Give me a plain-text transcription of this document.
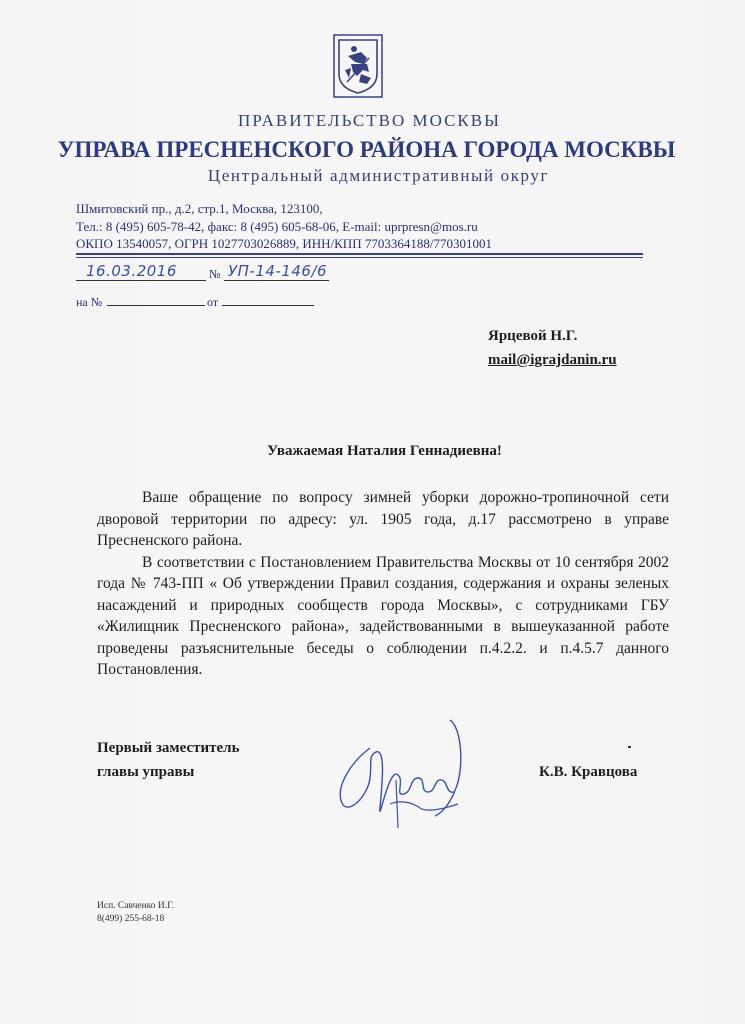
ПРАВИТЕЛЬСТВО МОСКВЫ
УПРАВА ПРЕСНЕНСКОГО РАЙОНА ГОРОДА МОСКВЫ
Центральный административный округ
Шмитовский пр., д.2, стр.1, Москва, 123100,
Тел.: 8 (495) 605-78-42, факс: 8 (495) 605-68-06, E-mail: uprpresn@mos.ru
ОКПО 13540057, ОГРН 1027703026889, ИНН/КПП 7703364188/770301001
16.03.2016	№ УП-14-146/6
на №	от
Ярцевой Н.Г.
mail@igrajdanin.ru
Уважаемая Наталия Геннадиевна!

Ваше обращение по вопросу зимней уборки дорожно-тропиночной сети дворовой территории по адресу: ул. 1905 года, д.17 рассмотрено в управе Пресненского района.

В соответствии с Постановлением Правительства Москвы от 10 сентября 2002 года № 743-ПП « Об утверждении Правил создания, содержания и охраны зеленых насаждений и природных сообществ города Москвы», с сотрудниками ГБУ «Жилищник Пресненского района», задействованными в вышеуказанной работе проведены разъяснительные беседы о соблюдении п.4.2.2. и п.4.5.7 данного Постановления.

Первый заместитель
главы управы	К.В. Кравцова
Исп. Савченко И.Г.
8(499) 255-68-18
